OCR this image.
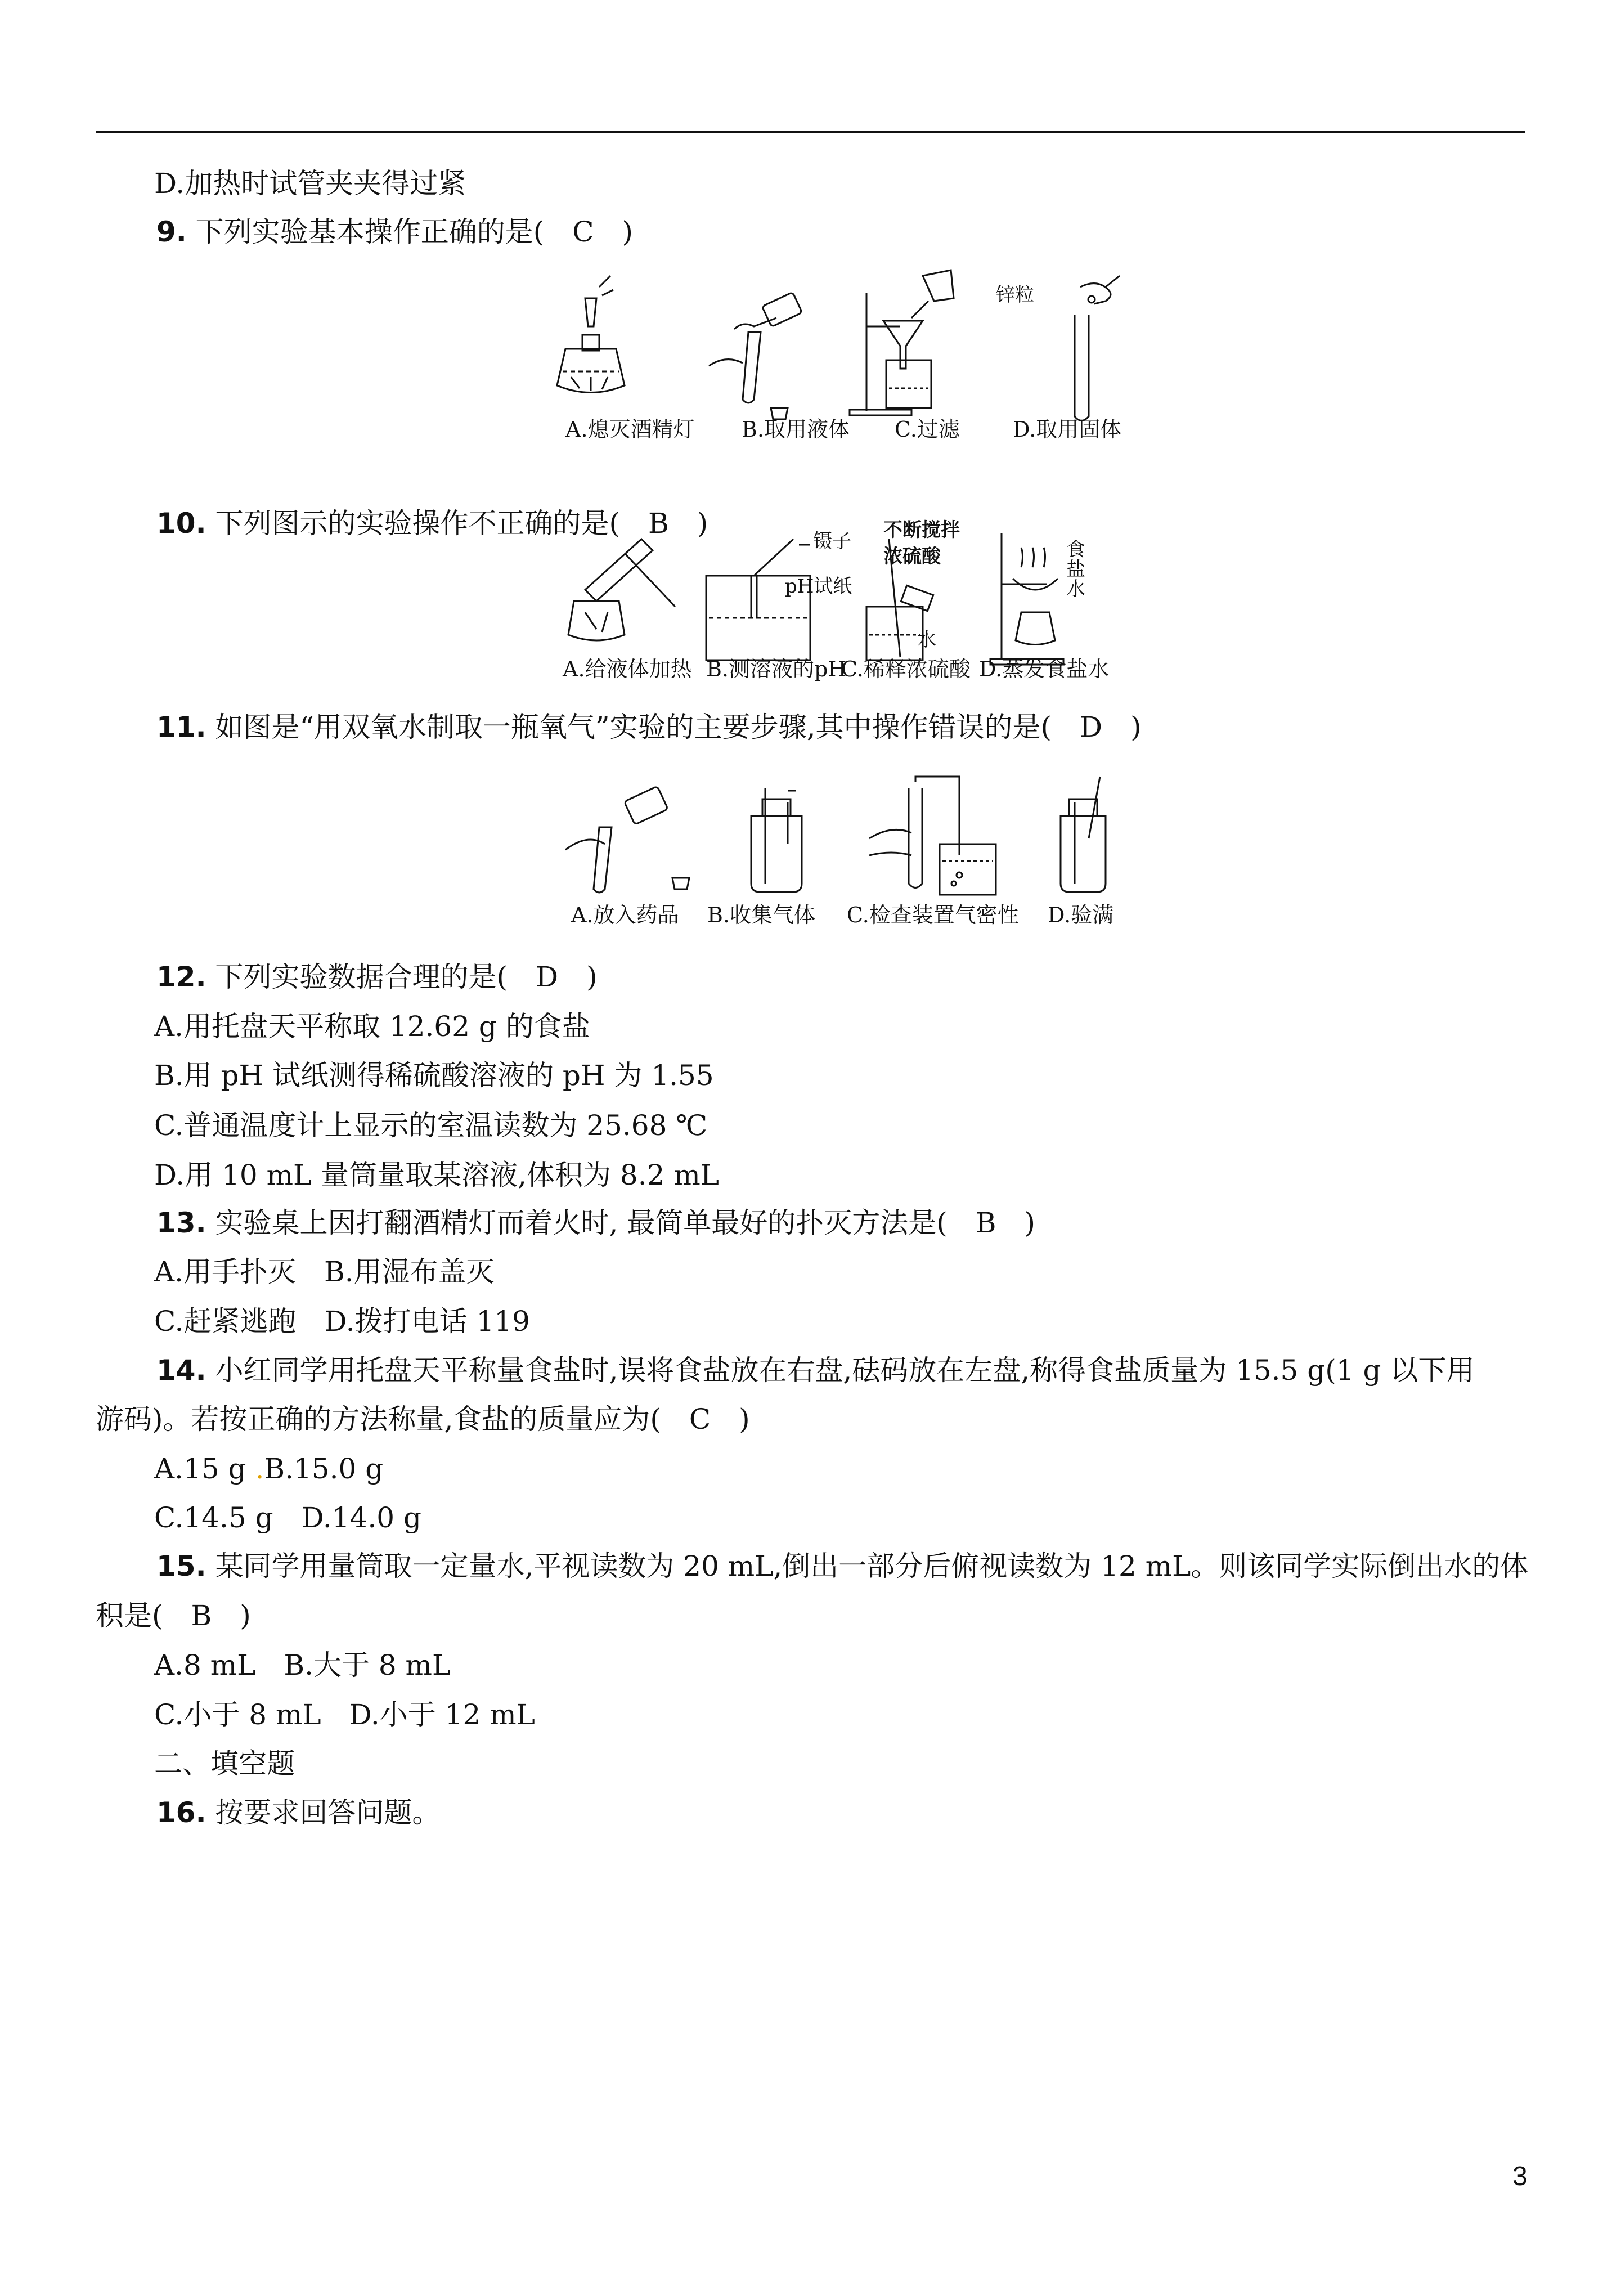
D.加热时试管夹夹得过紧
9. 下列实验基本操作正确的是(　C　)
锌粒
A.熄灭酒精灯 B.取用液体 C.过滤 D.取用固体
10. 下列图示的实验操作不正确的是(　B　)
镊子
pH试纸
不断搅拌
浓硫酸
水
食
盐
水
A.给液体加热 B.测溶液的pH
C.稀释浓硫酸 D.蒸发食盐水
11. 如图是“用双氧水制取一瓶氧气”实验的主要步骤,其中操作错误的是(　D　)
A.放入药品 B.收集气体 C.检查装置气密性 D.验满
12. 下列实验数据合理的是(　D　)
A.用托盘天平称取 12.62 g 的食盐
B.用 pH 试纸测得稀硫酸溶液的 pH 为 1.55
C.普通温度计上显示的室温读数为 25.68 ℃
D.用 10 mL 量筒量取某溶液,体积为 8.2 mL
13. 实验桌上因打翻酒精灯而着火时, 最简单最好的扑灭方法是(　B　)
A.用手扑灭　B.用湿布盖灭
C.赶紧逃跑　D.拨打电话 119
14. 小红同学用托盘天平称量食盐时,误将食盐放在右盘,砝码放在左盘,称得食盐质量为 15.5 g(1 g 以下用
游码)。若按正确的方法称量,食盐的质量应为(　C　)
A.15 g .B.15.0 g
C.14.5 g　D.14.0 g
15. 某同学用量筒取一定量水,平视读数为 20 mL,倒出一部分后俯视读数为 12 mL。则该同学实际倒出水的体
积是(　B　)
A.8 mL　B.大于 8 mL
C.小于 8 mL　D.小于 12 mL
二、填空题
16. 按要求回答问题。
3
